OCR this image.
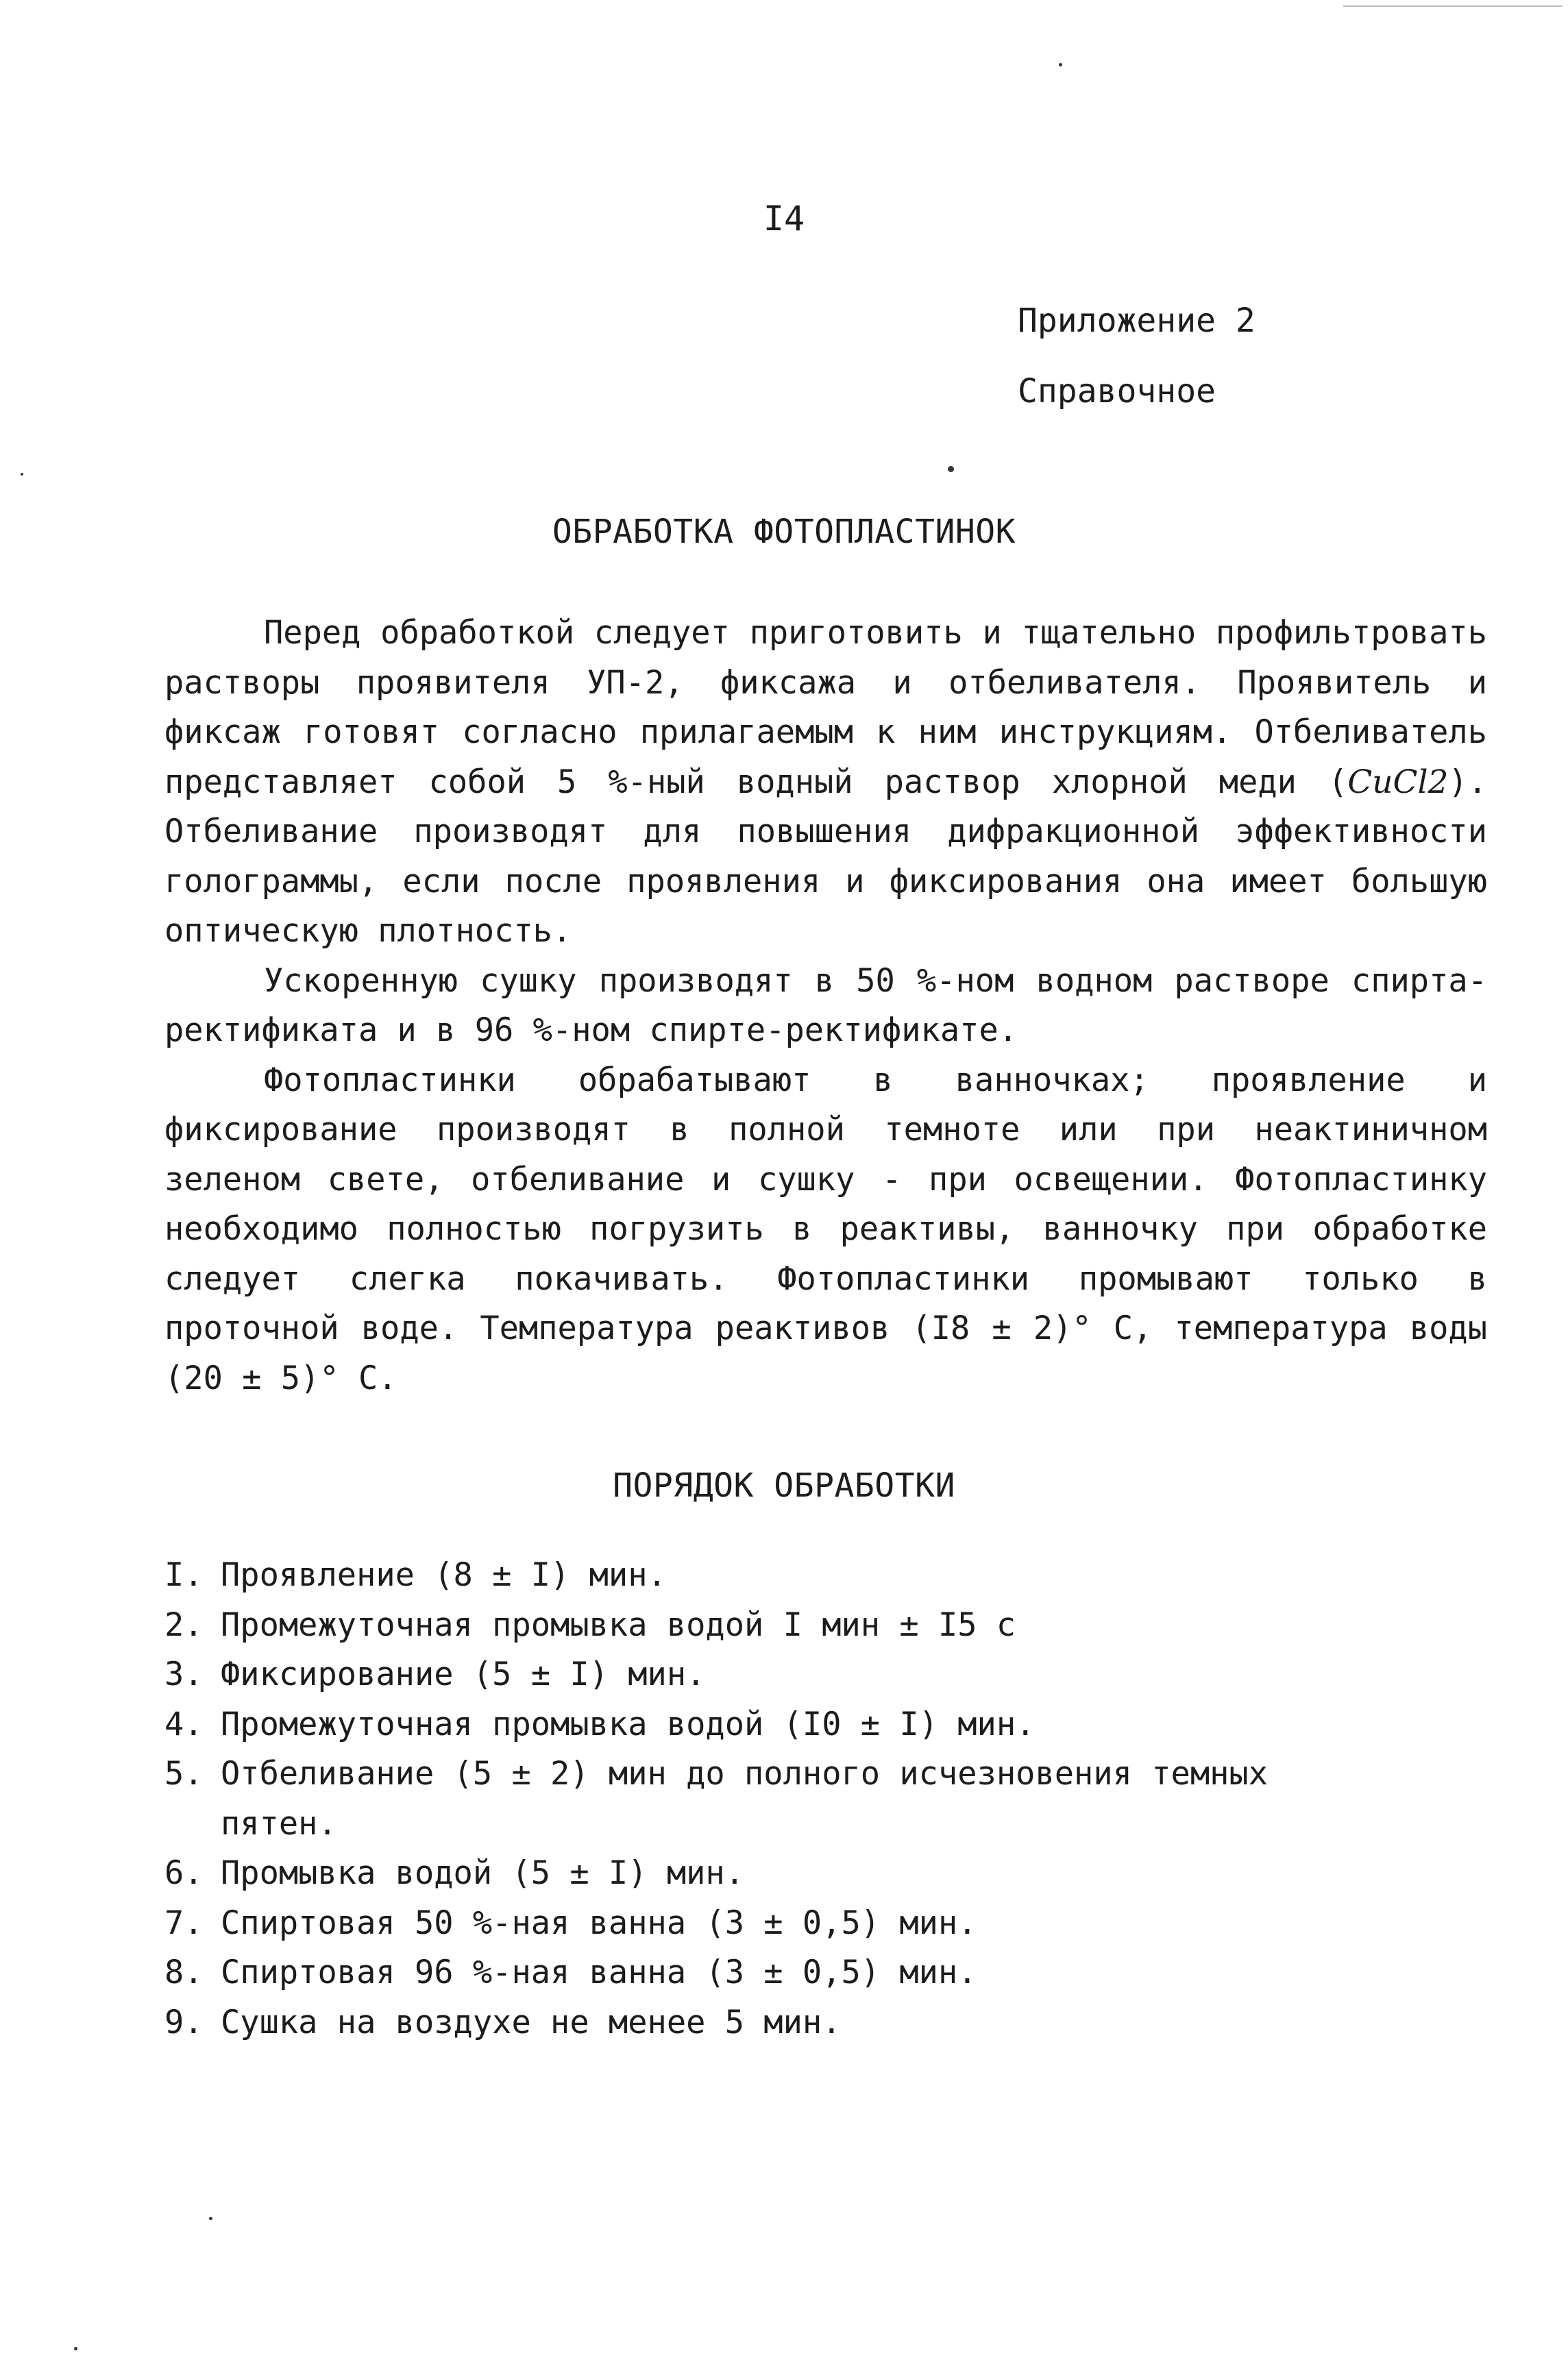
I4
Приложение 2
Справочное
ОБРАБОТКА ФОТОПЛАСТИНОК

Перед обработкой следует приготовить и тщательно профильтровать растворы проявителя УП-2, фиксажа и отбеливателя. Проявитель и фиксаж готовят согласно прилагаемым к ним инструкциям. Отбеливатель представляет собой 5 %-ный водный раствор хлорной меди (CuCl2). Отбеливание производят для повышения дифракционной эффективности голограммы, если после проявления и фиксирования она имеет большую оптическую плотность.

Ускоренную сушку производят в 50 %-ном водном растворе спирта-ректификата и в 96 %-ном спирте-ректификате.

Фотопластинки обрабатывают в ванночках; проявление и фиксирование производят в полной темноте или при неактиничном зеленом свете, отбеливание и сушку - при освещении. Фотопластинку необходимо полностью погрузить в реактивы, ванночку при обработке следует слегка покачивать. Фотопластинки промывают только в проточной воде. Температура реактивов (I8 ± 2)° С, температура воды (20 ± 5)° С.

ПОРЯДОК ОБРАБОТКИ
I. Проявление (8 ± I) мин.
2. Промежуточная промывка водой I мин ± I5 с
3. Фиксирование (5 ± I) мин.
4. Промежуточная промывка водой (I0 ± I) мин.
5. Отбеливание (5 ± 2) мин до полного исчезновения темных пятен.
6. Промывка водой (5 ± I) мин.
7. Спиртовая 50 %-ная ванна (3 ± 0,5) мин.
8. Спиртовая 96 %-ная ванна (3 ± 0,5) мин.
9. Сушка на воздухе не менее 5 мин.
